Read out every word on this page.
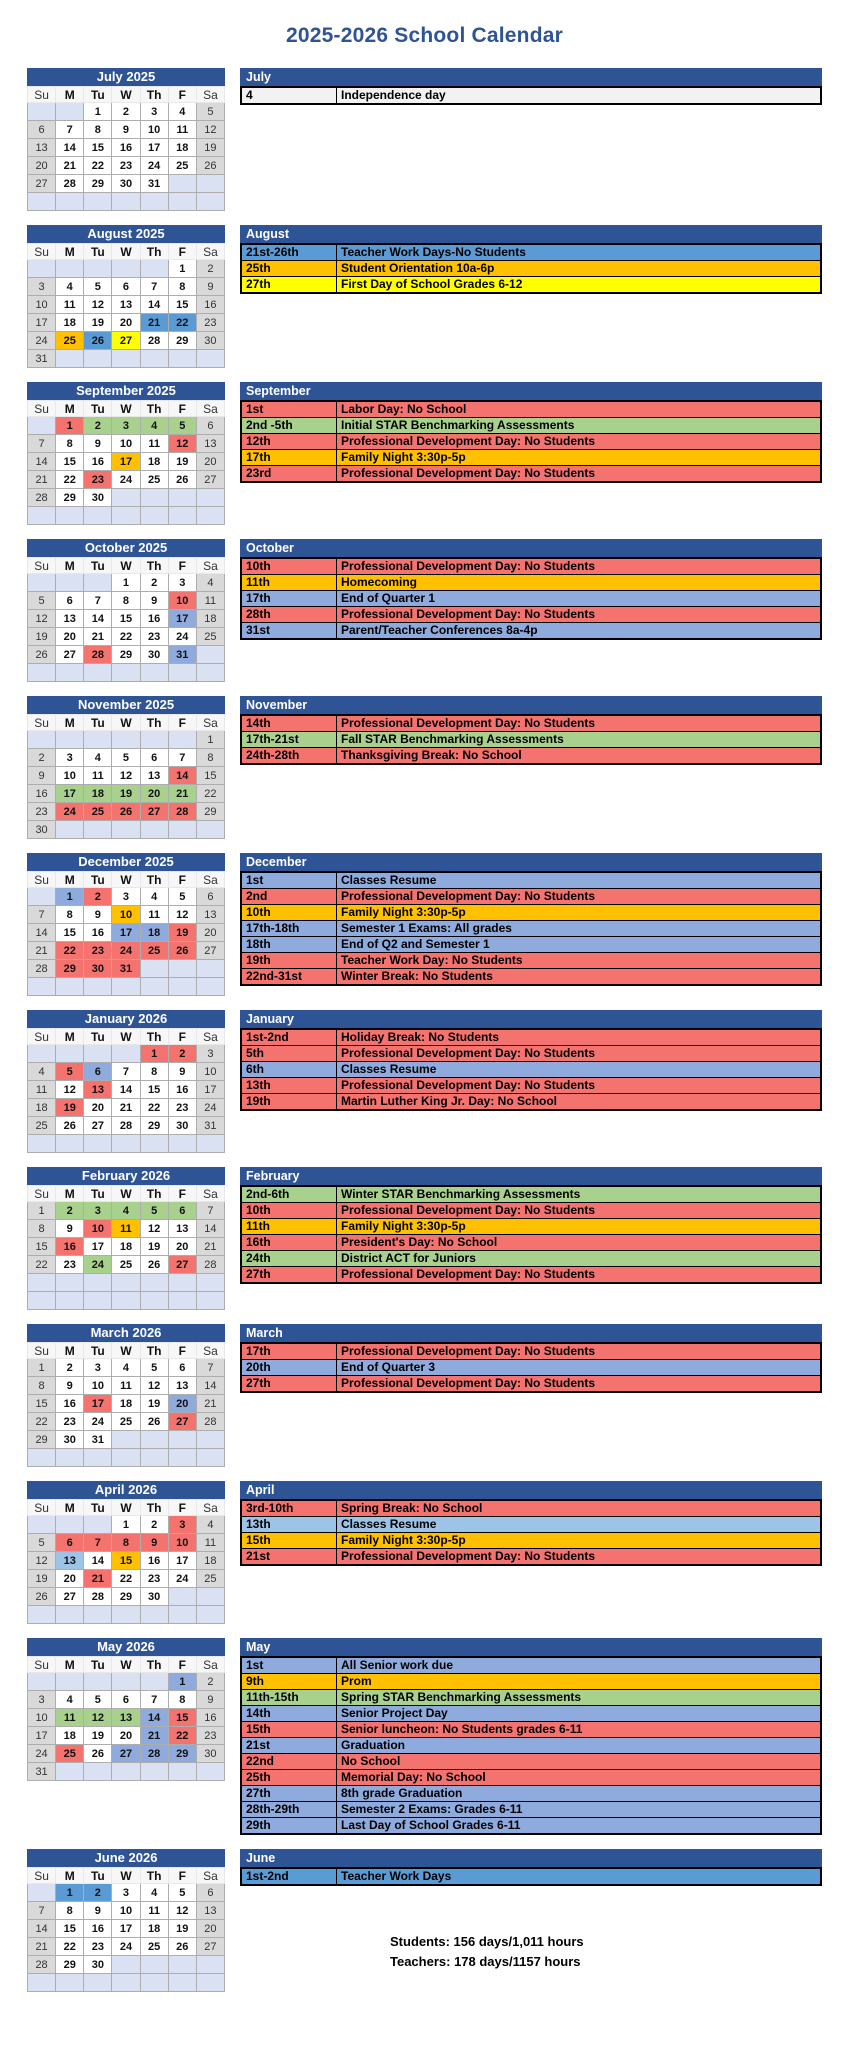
2025-2026 School Calendar
July 2025
Su	M	Tu	W	Th	F	Sa
		1	2	3	4	5
6	7	8	9	10	11	12
13	14	15	16	17	18	19
20	21	22	23	24	25	26
27	28	29	30	31		

July
4	Independence day
August 2025
Su	M	Tu	W	Th	F	Sa
					1	2
3	4	5	6	7	8	9
10	11	12	13	14	15	16
17	18	19	20	21	22	23
24	25	26	27	28	29	30
31						
August
21st-26th	Teacher Work Days-No Students
25th	Student Orientation 10a-6p
27th	First Day of School Grades 6-12
September 2025
Su	M	Tu	W	Th	F	Sa
	1	2	3	4	5	6
7	8	9	10	11	12	13
14	15	16	17	18	19	20
21	22	23	24	25	26	27
28	29	30				

September
1st	Labor Day: No School
2nd -5th	Initial STAR Benchmarking Assessments
12th	Professional Development Day: No Students
17th	Family Night 3:30p-5p
23rd	Professional Development Day: No Students
October 2025
Su	M	Tu	W	Th	F	Sa
			1	2	3	4
5	6	7	8	9	10	11
12	13	14	15	16	17	18
19	20	21	22	23	24	25
26	27	28	29	30	31	

October
10th	Professional Development Day: No Students
11th	Homecoming
17th	End of Quarter 1
28th	Professional Development Day: No Students
31st	Parent/Teacher Conferences 8a-4p
November 2025
Su	M	Tu	W	Th	F	Sa
						1
2	3	4	5	6	7	8
9	10	11	12	13	14	15
16	17	18	19	20	21	22
23	24	25	26	27	28	29
30						
November
14th	Professional Development Day: No Students
17th-21st	Fall STAR Benchmarking Assessments
24th-28th	Thanksgiving Break: No School
December 2025
Su	M	Tu	W	Th	F	Sa
	1	2	3	4	5	6
7	8	9	10	11	12	13
14	15	16	17	18	19	20
21	22	23	24	25	26	27
28	29	30	31			

December
1st	Classes Resume
2nd	Professional Development Day: No Students
10th	Family Night 3:30p-5p
17th-18th	Semester 1 Exams: All grades
18th	End of Q2 and Semester 1
19th	Teacher Work Day: No Students
22nd-31st	Winter Break: No Students
January 2026
Su	M	Tu	W	Th	F	Sa
				1	2	3
4	5	6	7	8	9	10
11	12	13	14	15	16	17
18	19	20	21	22	23	24
25	26	27	28	29	30	31

January
1st-2nd	Holiday Break: No Students
5th	Professional Development Day: No Students
6th	Classes Resume
13th	Professional Development Day: No Students
19th	Martin Luther King Jr. Day: No School
February 2026
Su	M	Tu	W	Th	F	Sa
1	2	3	4	5	6	7
8	9	10	11	12	13	14
15	16	17	18	19	20	21
22	23	24	25	26	27	28

February
2nd-6th	Winter STAR Benchmarking Assessments
10th	Professional Development Day: No Students
11th	Family Night 3:30p-5p
16th	President's Day: No School
24th	District ACT for Juniors
27th	Professional Development Day: No Students
March 2026
Su	M	Tu	W	Th	F	Sa
1	2	3	4	5	6	7
8	9	10	11	12	13	14
15	16	17	18	19	20	21
22	23	24	25	26	27	28
29	30	31				

March
17th	Professional Development Day: No Students
20th	End of Quarter 3
27th	Professional Development Day: No Students
April 2026
Su	M	Tu	W	Th	F	Sa
			1	2	3	4
5	6	7	8	9	10	11
12	13	14	15	16	17	18
19	20	21	22	23	24	25
26	27	28	29	30		

April
3rd-10th	Spring Break: No School
13th	Classes Resume
15th	Family Night 3:30p-5p
21st	Professional Development Day: No Students
May 2026
Su	M	Tu	W	Th	F	Sa
					1	2
3	4	5	6	7	8	9
10	11	12	13	14	15	16
17	18	19	20	21	22	23
24	25	26	27	28	29	30
31						
May
1st	All Senior work due
9th	Prom
11th-15th	Spring STAR Benchmarking Assessments
14th	Senior Project Day
15th	Senior luncheon: No Students grades 6-11
21st	Graduation
22nd	No School
25th	Memorial Day: No School
27th	8th grade Graduation
28th-29th	Semester 2 Exams: Grades 6-11
29th	Last Day of School Grades 6-11
June 2026
Su	M	Tu	W	Th	F	Sa
	1	2	3	4	5	6
7	8	9	10	11	12	13
14	15	16	17	18	19	20
21	22	23	24	25	26	27
28	29	30				

June
1st-2nd	Teacher Work Days
Students: 156 days/1,011 hours
Teachers: 178 days/1157 hours
